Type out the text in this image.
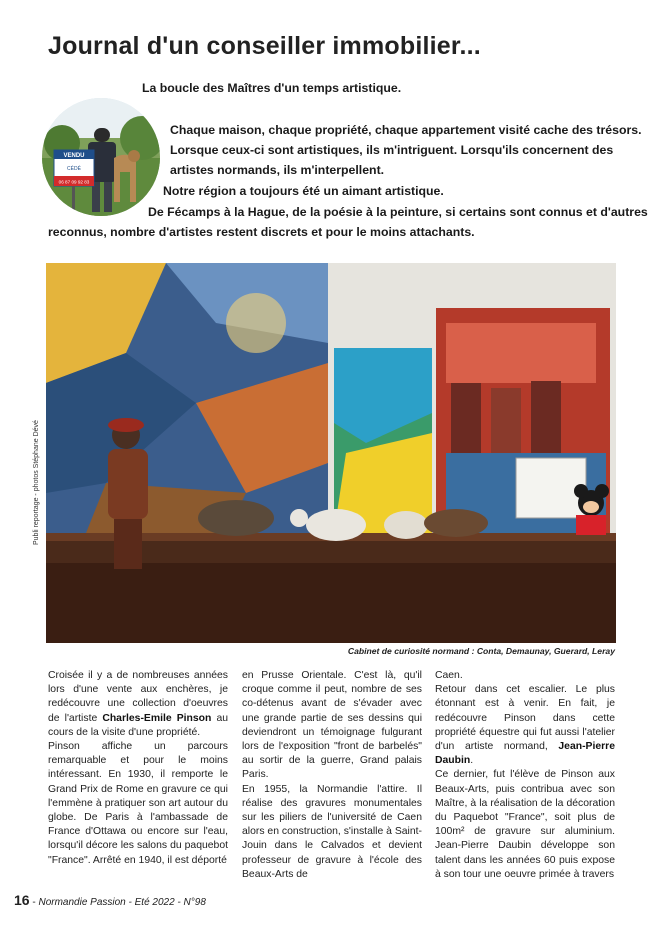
Journal d'un conseiller immobilier...
VENDU
CÉDÉ
06 87 09 92 83
La boucle des Maîtres d'un temps artistique.
Chaque maison, chaque propriété, chaque appartement visité cache des trésors.
Lorsque ceux-ci sont artistiques, ils m'intriguent. Lorsqu'ils concernent des
artistes normands, ils m'interpellent.
Notre région a toujours été un aimant artistique.
De Fécamps à la Hague, de la poésie à la peinture, si certains sont connus et d'autres
reconnus, nombre d'artistes restent discrets et pour le moins attachants.
Publi reportage - photos Stéphane Dévé
Cabinet de curiosité normand : Conta, Demaunay, Guerard, Leray

Croisée il y a de nombreuses années lors d'une vente aux enchères, je redécouvre une collection d'oeuvres de l'artiste Charles-Emile Pinson au cours de la visite d'une propriété.

Pinson affiche un parcours remarquable et pour le moins intéressant. En 1930, il remporte le Grand Prix de Rome en gravure ce qui l'emmène à pratiquer son art autour du globe. De Paris à l'ambassade de France d'Ottawa ou encore sur l'eau, lorsqu'il décore les salons du paquebot "France". Arrêté en 1940, il est déporté

en Prusse Orientale. C'est là, qu'il croque comme il peut, nombre de ses co-détenus avant de s'évader avec une grande partie de ses dessins qui deviendront un témoignage fulgurant lors de l'exposition "front de barbelés" au sortir de la guerre, Grand palais Paris.

En 1955, la Normandie l'attire. Il réalise des gravures monumentales sur les piliers de l'université de Caen alors en construction, s'installe à Saint-Jouin dans le Calvados et devient professeur de gravure à l'école des Beaux-Arts de

Caen.

Retour dans cet escalier. Le plus étonnant est à venir. En fait, je redécouvre Pinson dans cette propriété équestre qui fut aussi l'atelier d'un artiste normand, Jean-Pierre Daubin.

Ce dernier, fut l'élève de Pinson aux Beaux-Arts, puis contribua avec son Maître, à la réalisation de la décoration du Paquebot "France", soit plus de 100m² de gravure sur aluminium. Jean-Pierre Daubin développe son talent dans les années 60 puis expose à son tour une oeuvre primée à travers

16 - Normandie Passion - Eté 2022 - N°98
